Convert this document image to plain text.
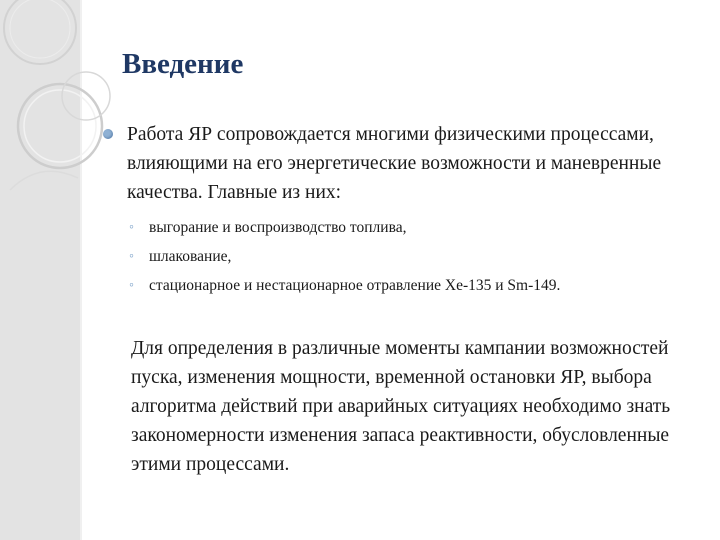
Введение
Работа ЯР сопровождается многими физическими процессами, влияющими на его энергетические возможности и маневренные качества. Главные из них:
◦ выгорание и воспроизводство топлива,
◦ шлакование,
◦ стационарное и нестационарное отравление Xe-135 и Sm-149.
Для определения в различные моменты кампании возможностей пуска, изменения мощности, временной остановки ЯР, выбора алгоритма действий при аварийных ситуациях необходимо знать закономерности изменения запаса реактивности, обусловленные этими процессами.
